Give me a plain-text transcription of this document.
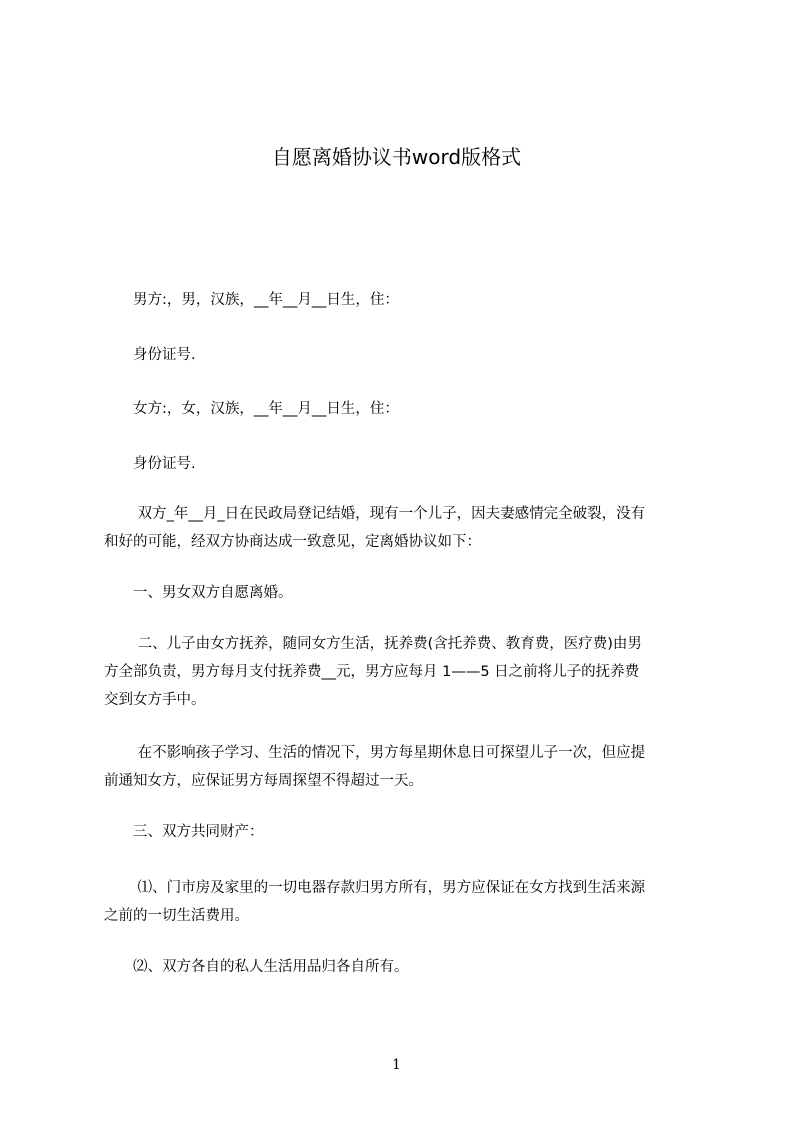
自愿离婚协议书word版格式
　　男方:，男，汉族，__年__月__日生，住：
　　身份证号.
　　女方:，女，汉族，__年__月__日生，住：
　　身份证号.
　　 双方_年__月_日在民政局登记结婚，现有一个儿子，因夫妻感情完全破裂，没有
和好的可能，经双方协商达成一致意见，定离婚协议如下：
　　一、男女双方自愿离婚。
　　 二、儿子由女方抚养，随同女方生活，抚养费(含托养费、教育费，医疗费)由男
方全部负责，男方每月支付抚养费__元，男方应每月 1——5 日之前将儿子的抚养费
交到女方手中。
　　 在不影响孩子学习、生活的情况下，男方每星期休息日可探望儿子一次，但应提
前通知女方，应保证男方每周探望不得超过一天。
　　三、双方共同财产：
　　 ⑴、门市房及家里的一切电器存款归男方所有，男方应保证在女方找到生活来源
之前的一切生活费用。
　　⑵、双方各自的私人生活用品归各自所有。
1
